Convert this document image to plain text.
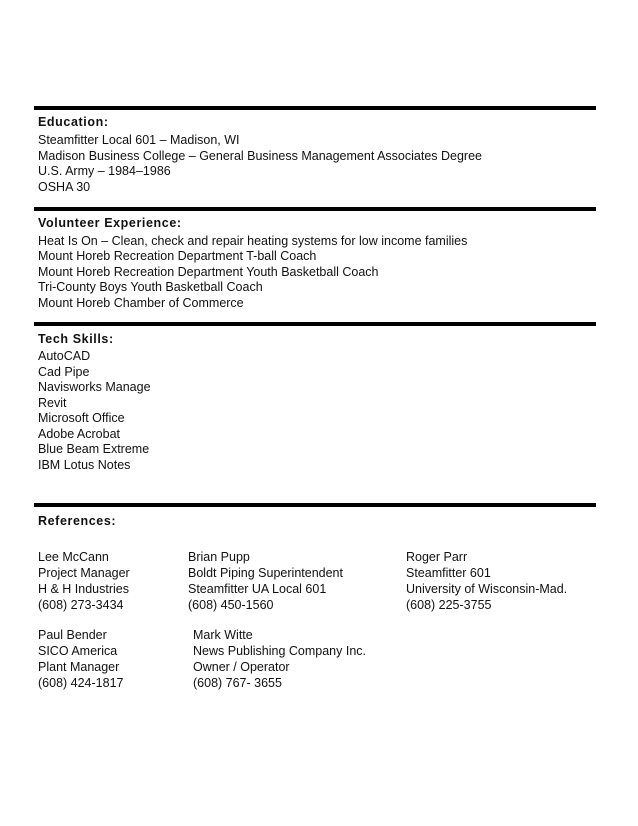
Education:
Steamfitter Local 601 – Madison, WI
Madison Business College – General Business Management Associates Degree
U.S. Army – 1984–1986
OSHA 30
Volunteer Experience:
Heat Is On – Clean, check and repair heating systems for low income families
Mount Horeb Recreation Department T-ball Coach
Mount Horeb Recreation Department Youth Basketball Coach
Tri-County Boys Youth Basketball Coach
Mount Horeb Chamber of Commerce
Tech Skills:
AutoCAD
Cad Pipe
Navisworks Manage
Revit
Microsoft Office
Adobe Acrobat
Blue Beam Extreme
IBM Lotus Notes
References:
Lee McCann
Project Manager
H & H Industries
(608) 273-3434
Brian Pupp
Boldt Piping Superintendent
Steamfitter UA Local 601
(608) 450-1560
Roger Parr
Steamfitter 601
University of Wisconsin-Mad.
(608) 225-3755
Paul Bender
SICO America
Plant Manager
(608) 424-1817
Mark Witte
News Publishing Company Inc.
Owner / Operator
(608) 767- 3655
